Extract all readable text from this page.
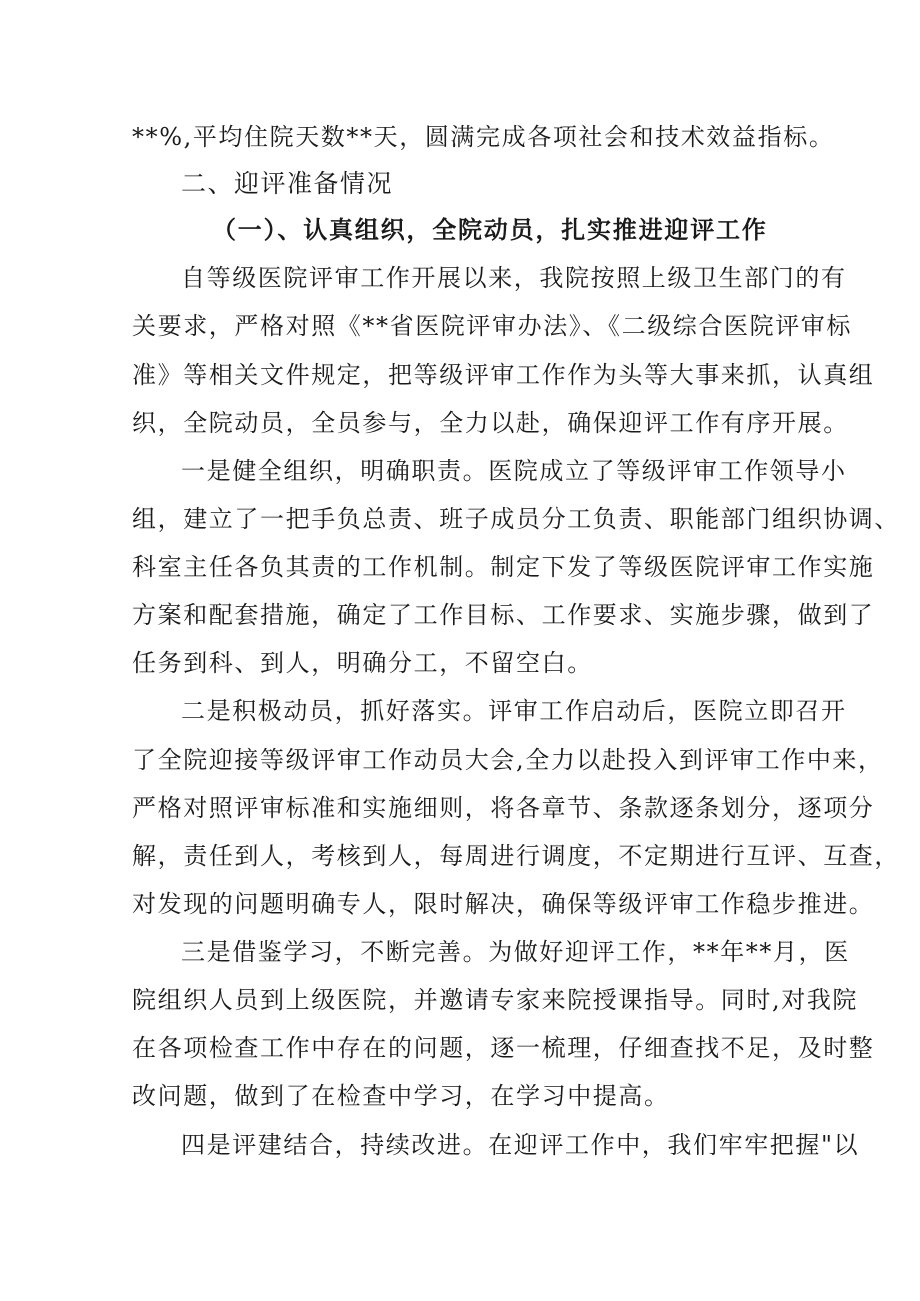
**%,平均住院天数**天，圆满完成各项社会和技术效益指标。
二、迎评准备情况
（一）、认真组织，全院动员，扎实推进迎评工作
自等级医院评审工作开展以来，我院按照上级卫生部门的有
关要求，严格对照《**省医院评审办法》、《二级综合医院评审标
准》等相关文件规定，把等级评审工作作为头等大事来抓，认真组
织，全院动员，全员参与，全力以赴，确保迎评工作有序开展。
一是健全组织，明确职责。医院成立了等级评审工作领导小
组，建立了一把手负总责、班子成员分工负责、职能部门组织协调、
科室主任各负其责的工作机制。制定下发了等级医院评审工作实施
方案和配套措施，确定了工作目标、工作要求、实施步骤，做到了
任务到科、到人，明确分工，不留空白。
二是积极动员，抓好落实。评审工作启动后，医院立即召开
了全院迎接等级评审工作动员大会,全力以赴投入到评审工作中来，
严格对照评审标准和实施细则，将各章节、条款逐条划分，逐项分
解，责任到人，考核到人，每周进行调度，不定期进行互评、互查，
对发现的问题明确专人，限时解决，确保等级评审工作稳步推进。
三是借鉴学习，不断完善。为做好迎评工作，**年**月，医
院组织人员到上级医院，并邀请专家来院授课指导。同时,对我院
在各项检查工作中存在的问题，逐一梳理，仔细查找不足，及时整
改问题，做到了在检查中学习，在学习中提高。
四是评建结合，持续改进。在迎评工作中，我们牢牢把握"以
